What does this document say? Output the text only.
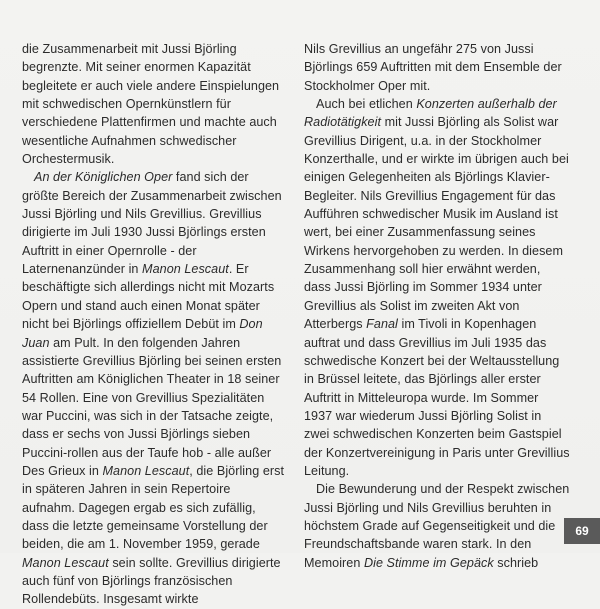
die Zusammenarbeit mit Jussi Björling begrenzte. Mit seiner enormen Kapazität begleitete er auch viele andere Einspielungen mit schwedischen Opernkünstlern für verschiedene Plattenfirmen und machte auch wesentliche Aufnahmen schwedischer Orchestermusik.

An der Königlichen Oper fand sich der größte Bereich der Zusammenarbeit zwischen Jussi Björling und Nils Grevillius. Grevillius dirigierte im Juli 1930 Jussi Björlings ersten Auftritt in einer Opernrolle - der Laternenanzünder in Manon Lescaut. Er beschäftigte sich allerdings nicht mit Mozarts Opern und stand auch einen Monat später nicht bei Björlings offiziellem Debüt im Don Juan am Pult. In den folgenden Jahren assistierte Grevillius Björling bei seinen ersten Auftritten am Königlichen Theater in 18 seiner 54 Rollen. Eine von Grevillius Spezialitäten war Puccini, was sich in der Tatsache zeigte, dass er sechs von Jussi Björlings sieben Puccini-rollen aus der Taufe hob - alle außer Des Grieux in Manon Lescaut, die Björling erst in späteren Jahren in sein Repertoire aufnahm. Dagegen ergab es sich zufällig, dass die letzte gemeinsame Vorstellung der beiden, die am 1. November 1959, gerade Manon Lescaut sein sollte. Grevillius dirigierte auch fünf von Björlings französischen Rollendebüts. Insgesamt wirkte

Nils Grevillius an ungefähr 275 von Jussi Björlings 659 Auftritten mit dem Ensemble der Stockholmer Oper mit.

Auch bei etlichen Konzerten außerhalb der Radiotätigkeit mit Jussi Björling als Solist war Grevillius Dirigent, u.a. in der Stockholmer Konzerthalle, und er wirkte im übrigen auch bei einigen Gelegenheiten als Björlings Klavier-Begleiter. Nils Grevillius Engagement für das Aufführen schwedischer Musik im Ausland ist wert, bei einer Zusammenfassung seines Wirkens hervorgehoben zu werden. In diesem Zusammenhang soll hier erwähnt werden, dass Jussi Björling im Sommer 1934 unter Grevillius als Solist im zweiten Akt von Atterbergs Fanal im Tivoli in Kopenhagen auftrat und dass Grevillius im Juli 1935 das schwedische Konzert bei der Weltausstellung in Brüssel leitete, das Björlings aller erster Auftritt in Mitteleuropa wurde. Im Sommer 1937 war wiederum Jussi Björling Solist in zwei schwedischen Konzerten beim Gastspiel der Konzertvereinigung in Paris unter Grevillius Leitung.

Die Bewunderung und der Respekt zwischen Jussi Björling und Nils Grevillius beruhten in höchstem Grade auf Gegenseitigkeit und die Freundschaftsbande waren stark. In den Memoiren Die Stimme im Gepäck schrieb

69
